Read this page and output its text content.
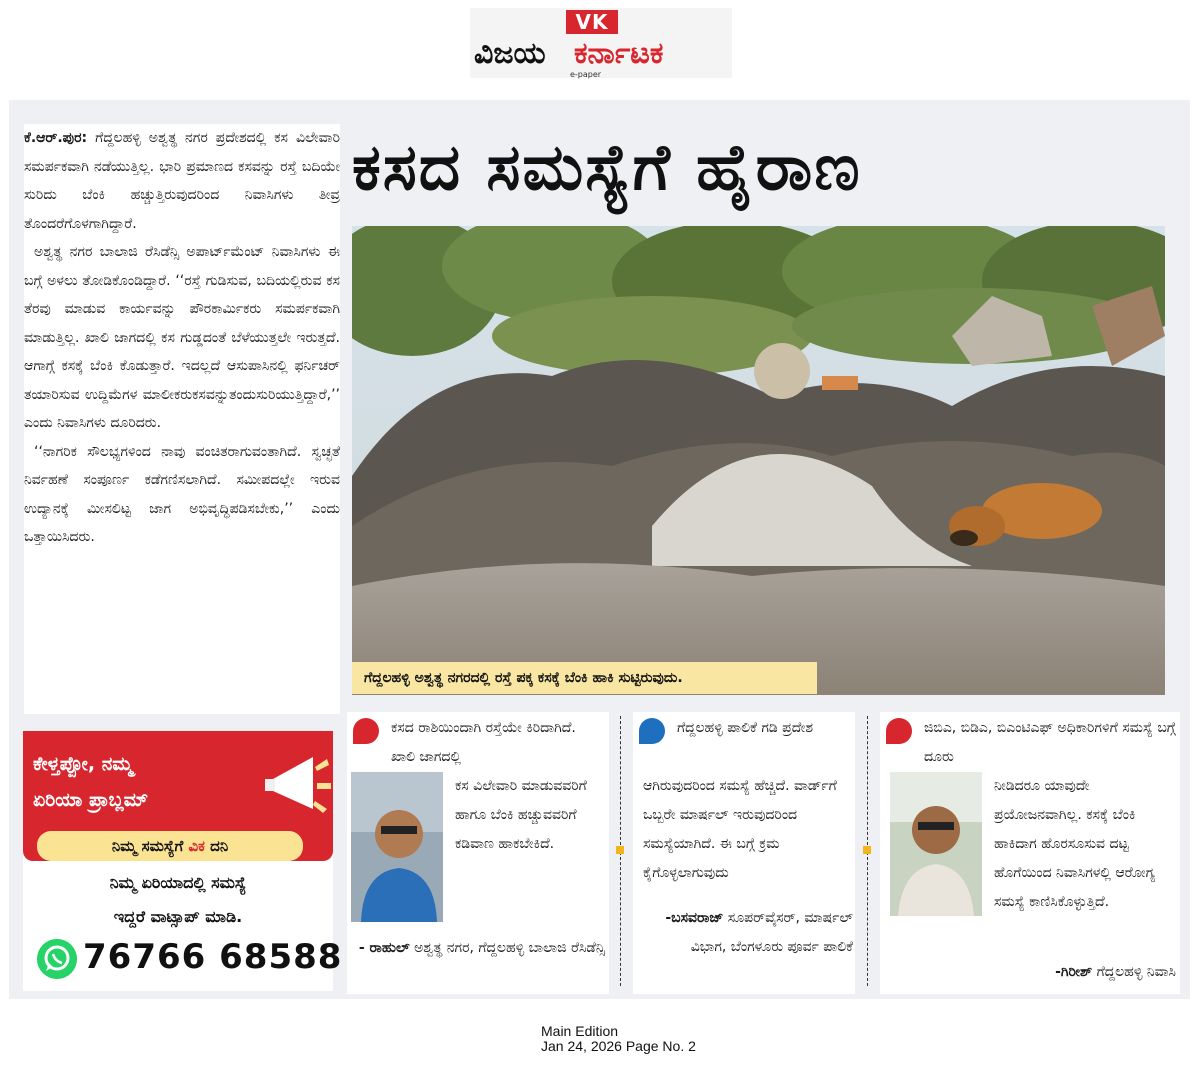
VK
ವಿಜಯ ಕರ್ನಾಟಕ
e-paper

ಕೆ.ಆರ್.ಪುರ: ಗೆದ್ದಲಹಳ್ಳಿ ಅಶ್ವತ್ಥ ನಗರ ಪ್ರದೇಶದಲ್ಲಿ ಕಸ ವಿಲೇವಾರಿ ಸಮರ್ಪಕವಾಗಿ ನಡೆಯುತ್ತಿಲ್ಲ. ಭಾರಿ ಪ್ರಮಾಣದ ಕಸವನ್ನು ರಸ್ತೆ ಬದಿಯೇ ಸುರಿದು ಬೆಂಕಿ ಹಚ್ಚುತ್ತಿರುವುದರಿಂದ ನಿವಾಸಿಗಳು ತೀವ್ರ ತೊಂದರೆಗೊಳಗಾಗಿದ್ದಾರೆ.

ಅಶ್ವತ್ಥ ನಗರ ಬಾಲಾಜಿ ರೆಸಿಡೆನ್ಸಿ ಅಪಾರ್ಟ್‌ಮೆಂಟ್ ನಿವಾಸಿಗಳು ಈ ಬಗ್ಗೆ ಅಳಲು ತೋಡಿಕೊಂಡಿದ್ದಾರೆ. ‘‘ರಸ್ತೆ ಗುಡಿಸುವ, ಬದಿಯಲ್ಲಿರುವ ಕಸ ತೆರವು ಮಾಡುವ ಕಾರ್ಯವನ್ನು ಪೌರಕಾರ್ಮಿಕರು ಸಮರ್ಪಕವಾಗಿ ಮಾಡುತ್ತಿಲ್ಲ. ಖಾಲಿ ಜಾಗದಲ್ಲಿ ಕಸ ಗುಡ್ಡದಂತೆ ಬೆಳೆಯುತ್ತಲೇ ಇರುತ್ತದೆ. ಆಗಾಗ್ಗೆ ಕಸಕ್ಕೆ ಬೆಂಕಿ ಕೊಡುತ್ತಾರೆ. ಇದಲ್ಲದೆ ಆಸುಪಾಸಿನಲ್ಲಿ ಫರ್ನಿಚರ್ ತಯಾರಿಸುವ ಉದ್ದಿಮೆಗಳ ಮಾಲೀಕರುಕಸವನ್ನುತಂದುಸುರಿಯುತ್ತಿದ್ದಾರೆ,’’ ಎಂದು ನಿವಾಸಿಗಳು ದೂರಿದರು.

‘‘ನಾಗರಿಕ ಸೌಲಭ್ಯಗಳಿಂದ ನಾವು ವಂಚಿತರಾಗುವಂತಾಗಿದೆ. ಸ್ವಚ್ಛತೆ ನಿರ್ವಹಣೆ ಸಂಪೂರ್ಣ ಕಡೆಗಣಿಸಲಾಗಿದೆ. ಸಮೀಪದಲ್ಲೇ ಇರುವ ಉದ್ಯಾನಕ್ಕೆ ಮೀಸಲಿಟ್ಟ ಜಾಗ ಅಭಿವೃದ್ಧಿಪಡಿಸಬೇಕು,’’ ಎಂದು ಒತ್ತಾಯಿಸಿದರು.

ಕಸದ ಸಮಸ್ಯೆಗೆ ಹೈರಾಣ
ಗೆದ್ದಲಹಳ್ಳಿ ಅಶ್ವತ್ಥ ನಗರದಲ್ಲಿ ರಸ್ತೆ ಪಕ್ಕ ಕಸಕ್ಕೆ ಬೆಂಕಿ ಹಾಕಿ ಸುಟ್ಟಿರುವುದು.
ಕೇಳ್ತಪ್ಪೋ, ನಮ್ಮ
ಏರಿಯಾ ಪ್ರಾಬ್ಲಮ್
ನಿಮ್ಮ ಸಮಸ್ಯೆಗೆ ವಿಕ ದನಿ
ನಿಮ್ಮ ಏರಿಯಾದಲ್ಲಿ ಸಮಸ್ಯೆ
ಇದ್ದರೆ ವಾಟ್ಸಾಪ್ ಮಾಡಿ.
76766 68588
ಕಸದ ರಾಶಿಯಿಂದಾಗಿ ರಸ್ತೆಯೇ ಕಿರಿದಾಗಿದೆ. ಖಾಲಿ ಜಾಗದಲ್ಲಿ
ಕಸ ವಿಲೇವಾರಿ ಮಾಡುವವರಿಗೆ ಹಾಗೂ ಬೆಂಕಿ ಹಚ್ಚುವವರಿಗೆ ಕಡಿವಾಣ ಹಾಕಬೇಕಿದೆ.
- ರಾಹುಲ್ ಅಶ್ವತ್ಥ ನಗರ, ಗೆದ್ದಲಹಳ್ಳಿ ಬಾಲಾಜಿ ರೆಸಿಡೆನ್ಸಿ
ಗೆದ್ದಲಹಳ್ಳಿ ಪಾಲಿಕೆ ಗಡಿ ಪ್ರದೇಶ
ಆಗಿರುವುದರಿಂದ ಸಮಸ್ಯೆ ಹೆಚ್ಚಿದೆ. ವಾರ್ಡ್‌ಗೆ ಒಬ್ಬರೇ ಮಾರ್ಷಲ್ ಇರುವುದರಿಂದ ಸಮಸ್ಯೆಯಾಗಿದೆ. ಈ ಬಗ್ಗೆ ಕ್ರಮ ಕೈಗೊಳ್ಳಲಾಗುವುದು
-ಬಸವರಾಜ್ ಸೂಪರ್‌ವೈಸರ್, ಮಾರ್ಷಲ್ ವಿಭಾಗ, ಬೆಂಗಳೂರು ಪೂರ್ವ ಪಾಲಿಕೆ
ಜಿಬಿಎ, ಬಿಡಿಎ, ಬಿಎಂಟಿಎಫ್ ಅಧಿಕಾರಿಗಳಿಗೆ ಸಮಸ್ಯೆ ಬಗ್ಗೆ ದೂರು
ನೀಡಿದರೂ ಯಾವುದೇ ಪ್ರಯೋಜನವಾಗಿಲ್ಲ. ಕಸಕ್ಕೆ ಬೆಂಕಿ ಹಾಕಿದಾಗ ಹೊರಸೂಸುವ ದಟ್ಟ ಹೊಗೆಯಿಂದ ನಿವಾಸಿಗಳಲ್ಲಿ ಆರೋಗ್ಯ ಸಮಸ್ಯೆ ಕಾಣಿಸಿಕೊಳ್ಳುತ್ತಿದೆ.
-ಗಿರೀಶ್ ಗೆದ್ದಲಹಳ್ಳಿ ನಿವಾಸಿ
Main Edition
Jan 24, 2026 Page No. 2
